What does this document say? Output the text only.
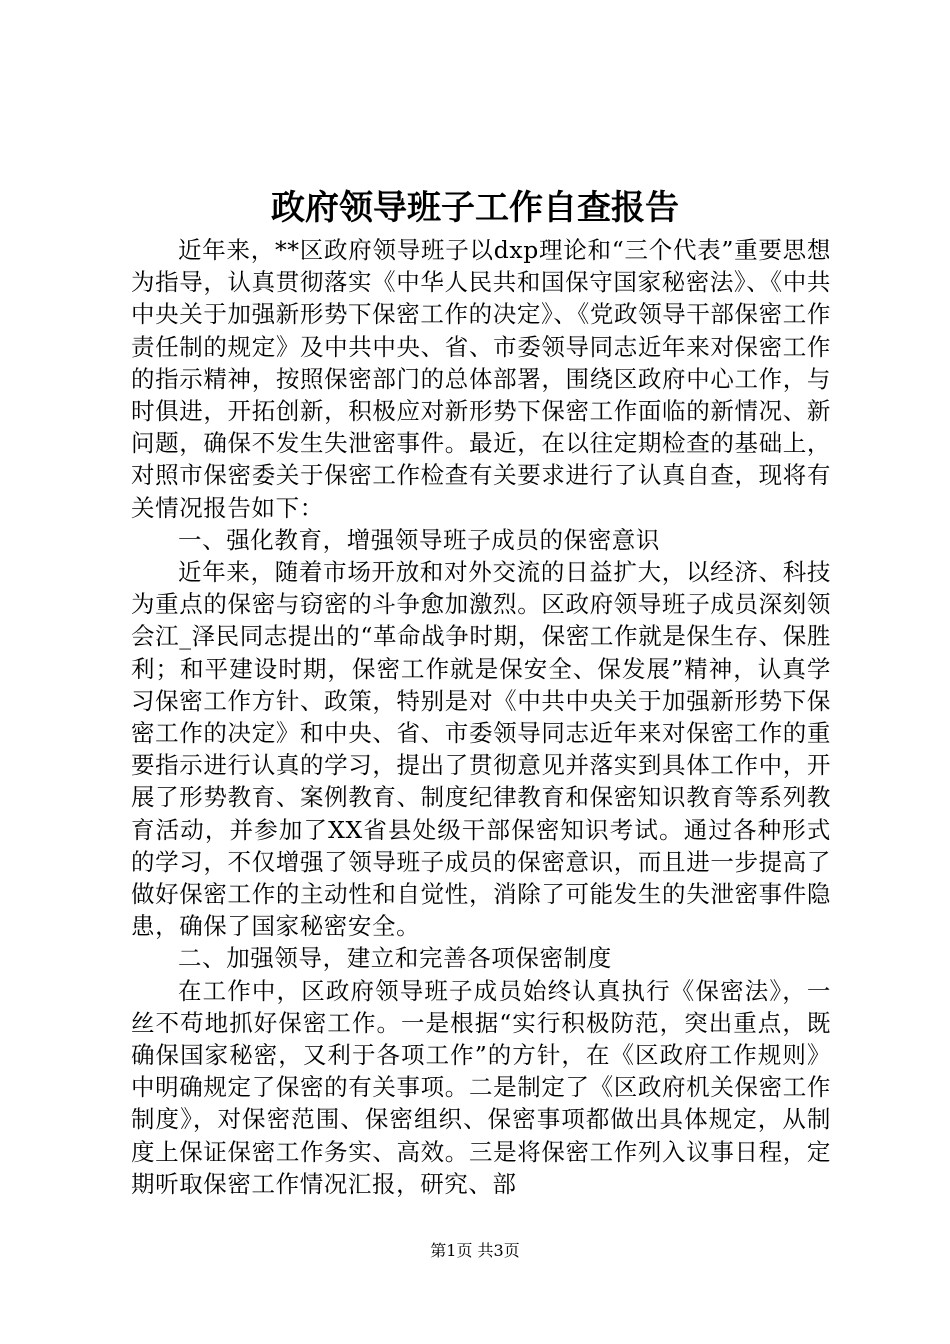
政府领导班子工作自查报告

近年来，**区政府领导班子以dxp理论和“三个代表”重要思想为指导，认真贯彻落实《中华人民共和国保守国家秘密法》、《中共中央关于加强新形势下保密工作的决定》、《党政领导干部保密工作责任制的规定》及中共中央、省、市委领导同志近年来对保密工作的指示精神，按照保密部门的总体部署，围绕区政府中心工作，与时俱进，开拓创新，积极应对新形势下保密工作面临的新情况、新问题，确保不发生失泄密事件。最近，在以往定期检查的基础上，对照市保密委关于保密工作检查有关要求进行了认真自查，现将有关情况报告如下：

一、强化教育，增强领导班子成员的保密意识

近年来，随着市场开放和对外交流的日益扩大，以经济、科技为重点的保密与窃密的斗争愈加激烈。区政府领导班子成员深刻领会江_泽民同志提出的“革命战争时期，保密工作就是保生存、保胜利；和平建设时期，保密工作就是保安全、保发展”精神，认真学习保密工作方针、政策，特别是对《中共中央关于加强新形势下保密工作的决定》和中央、省、市委领导同志近年来对保密工作的重要指示进行认真的学习，提出了贯彻意见并落实到具体工作中，开展了形势教育、案例教育、制度纪律教育和保密知识教育等系列教育活动，并参加了XX省县处级干部保密知识考试。通过各种形式的学习，不仅增强了领导班子成员的保密意识，而且进一步提高了做好保密工作的主动性和自觉性，消除了可能发生的失泄密事件隐患，确保了国家秘密安全。

二、加强领导，建立和完善各项保密制度

在工作中，区政府领导班子成员始终认真执行《保密法》，一丝不苟地抓好保密工作。一是根据“实行积极防范，突出重点，既确保国家秘密，又利于各项工作”的方针，在《区政府工作规则》中明确规定了保密的有关事项。二是制定了《区政府机关保密工作制度》，对保密范围、保密组织、保密事项都做出具体规定，从制度上保证保密工作务实、高效。三是将保密工作列入议事日程，定期听取保密工作情况汇报，研究、部

第1页 共3页
